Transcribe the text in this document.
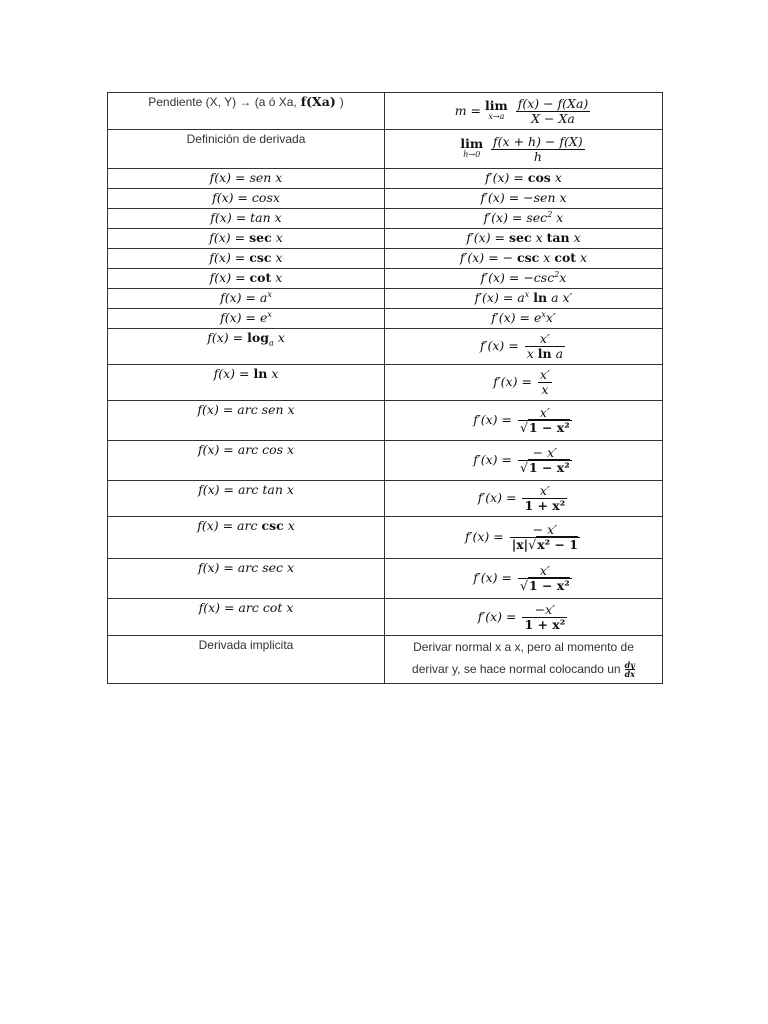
Pendiente (X, Y) → (a ó Xa, f(Xa) )	m = lim
x→a
$\frac{f(x) - f(Xa)}{X - Xa}$

Definición de derivada	lim
h→0
$\frac{f(x + h) - f(X)}{h}$

f(x) = sen x	f′(x) = cos x
f(x) = cosx	f′(x) = −sen x
f(x) = tan x	$f'(x) = \sec^2 x$
f(x) = sec x	f′(x) = sec x tan x
f(x) = csc x	f′(x) = − csc x cot x
f(x) = cot x	$f'(x) = -\csc^2x$
$f(x) = a^x$	$f'(x) = a^x$ ln a x′
$f(x) = e^x$	$f'(x) = e^xx'$
$f(x) = \log_a x$	$f'(x) = \frac{x'}{\text{x ln a}}$

f(x) = ln x	$f'(x) = \frac{x'}{x}$

f(x) = arc sen x	$f'(x) = \frac{x'}{\text{√1 − x²}}$

f(x) = arc cos x	$f'(x) = \frac{- x'}{\text{√1 − x²}}$

f(x) = arc tan x	$f'(x) = \frac{x'}{\text{1 + x²}}$

f(x) = arc csc x	$f'(x) = \frac{- x'}{\text{|x|√x² − 1}}$

f(x) = arc sec x	$f'(x) = \frac{x'}{\text{√1 − x²}}$

f(x) = arc cot x	$f'(x) = \frac{-x'}{\text{1 + x²}}$

Derivada implicita	Derivar normal x a x, pero al momento de
derivar y, se hace normal colocando un $\frac{dy}{dx}$
